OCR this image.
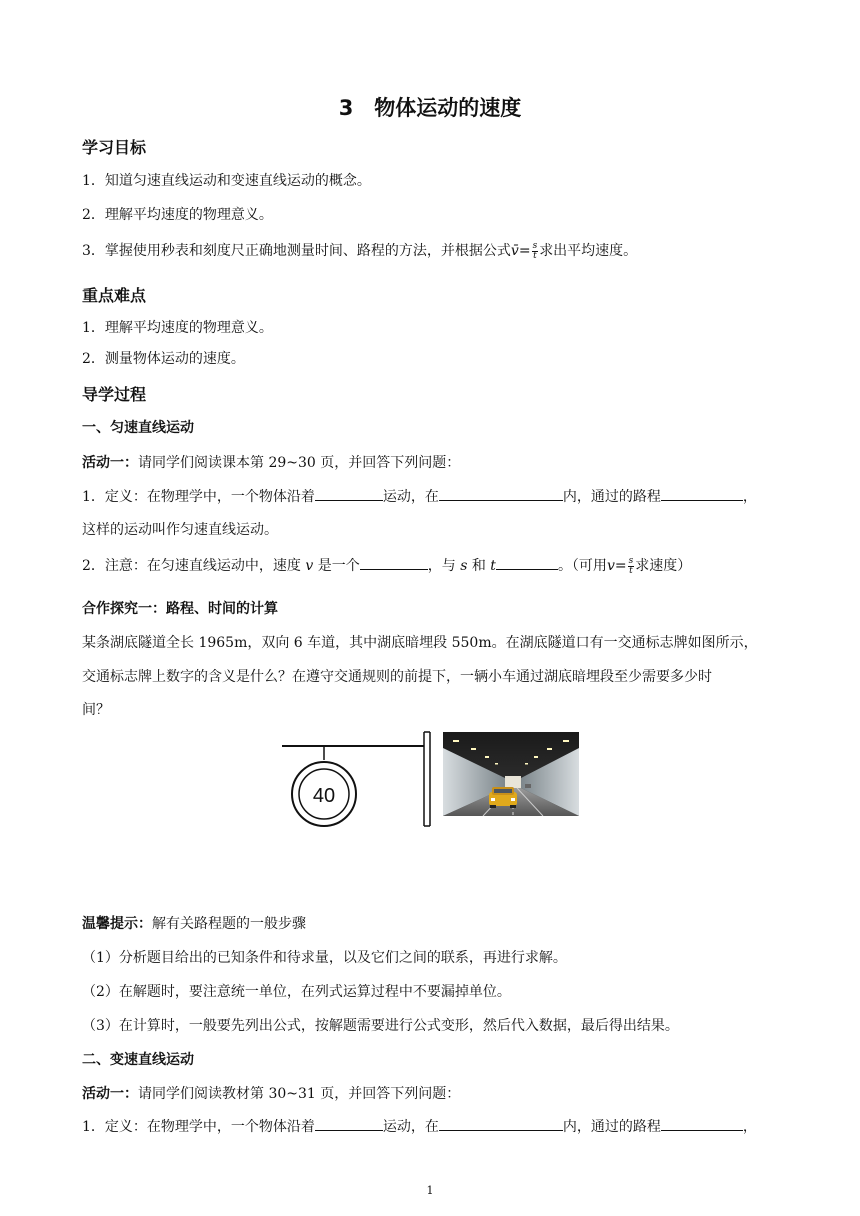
3　物体运动的速度
学习目标
1．知道匀速直线运动和变速直线运动的概念。
2．理解平均速度的物理意义。
3．掌握使用秒表和刻度尺正确地测量时间、路程的方法，并根据公式v̄= $\frac{s}{t}$ 求出平均速度。
重点难点
1．理解平均速度的物理意义。
2．测量物体运动的速度。
导学过程
一、匀速直线运动
活动一：请同学们阅读课本第 29~30 页，并回答下列问题：
1．定义：在物理学中，一个物体沿着	运动，在	内，通过的路程	，
这样的运动叫作匀速直线运动。
2．注意：在匀速直线运动中，速度 v 是一个	，与 s 和 t	。（可用$v= \frac{s}{t}$ 求速度）
合作探究一：路程、时间的计算
某条湖底隧道全长 1965m，双向 6 车道，其中湖底暗埋段 550m。在湖底隧道口有一交通标志牌如图所示，
交通标志牌上数字的含义是什么？在遵守交通规则的前提下，一辆小车通过湖底暗埋段至少需要多少时
间？
40
温馨提示：解有关路程题的一般步骤
（1）分析题目给出的已知条件和待求量，以及它们之间的联系，再进行求解。
（2）在解题时，要注意统一单位，在列式运算过程中不要漏掉单位。
（3）在计算时，一般要先列出公式，按解题需要进行公式变形，然后代入数据，最后得出结果。
二、变速直线运动
活动一：请同学们阅读教材第 30~31 页，并回答下列问题：
1．定义：在物理学中，一个物体沿着	运动，在	内，通过的路程	，
1
